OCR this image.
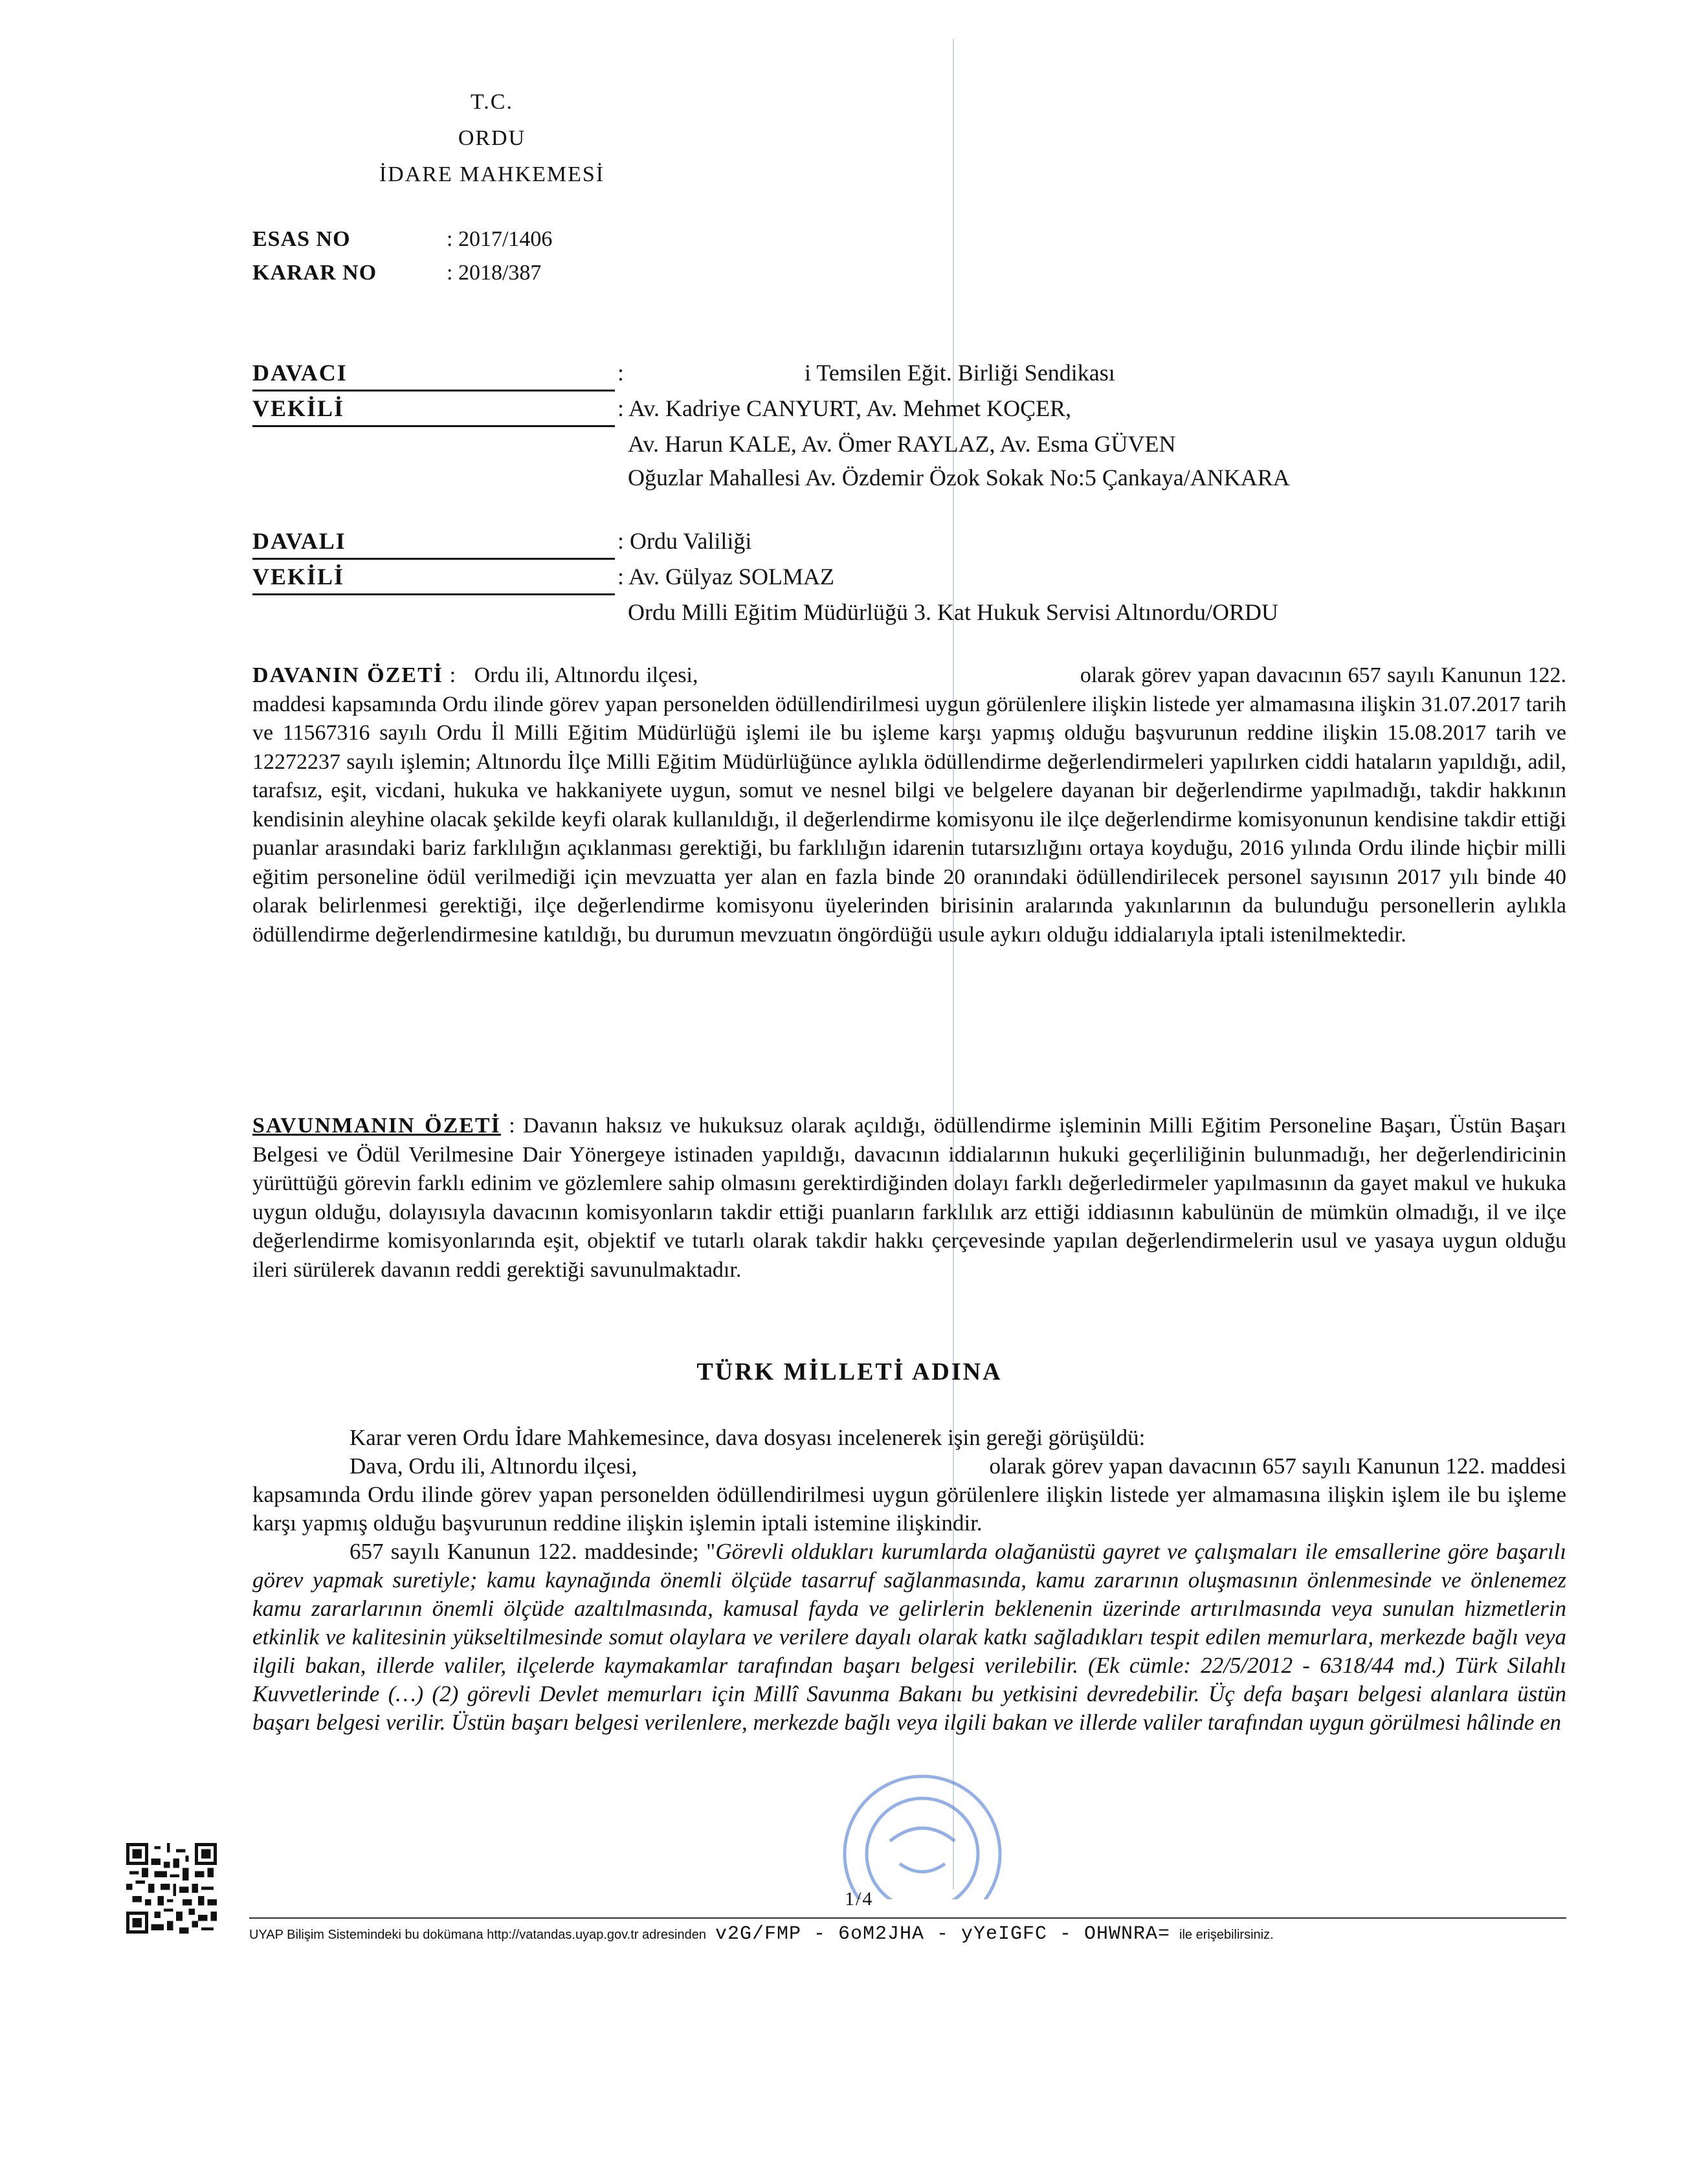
T.C.
ORDU
İDARE MAHKEMESİ
ESAS NO	: 2017/1406
KARAR NO	: 2018/387
DAVACI	:                               i Temsilen Eğit. Birliği Sendikası
VEKİLİ	: Av. Kadriye CANYURT, Av. Mehmet KOÇER,
Av. Harun KALE, Av. Ömer RAYLAZ, Av. Esma GÜVEN
Oğuzlar Mahallesi Av. Özdemir Özok Sokak No:5 Çankaya/ANKARA
DAVALI	: Ordu Valiliği
VEKİLİ	: Av. Gülyaz SOLMAZ
Ordu Milli Eğitim Müdürlüğü 3. Kat Hukuk Servisi Altınordu/ORDU
DAVANIN ÖZETİ :   Ordu ili, Altınordu ilçesi,                                                              olarak görev yapan davacının 657 sayılı Kanunun 122. maddesi kapsamında Ordu ilinde görev yapan personelden ödüllendirilmesi uygun görülenlere ilişkin listede yer almamasına ilişkin 31.07.2017 tarih ve 11567316 sayılı Ordu İl Milli Eğitim Müdürlüğü işlemi ile bu işleme karşı yapmış olduğu başvurunun reddine ilişkin 15.08.2017 tarih ve 12272237 sayılı işlemin; Altınordu İlçe Milli Eğitim Müdürlüğünce aylıkla ödüllendirme değerlendirmeleri yapılırken ciddi hataların yapıldığı, adil, tarafsız, eşit, vicdani, hukuka ve hakkaniyete uygun, somut ve nesnel bilgi ve belgelere dayanan bir değerlendirme yapılmadığı, takdir hakkının kendisinin aleyhine olacak şekilde keyfi olarak kullanıldığı, il değerlendirme komisyonu ile ilçe değerlendirme komisyonunun kendisine takdir ettiği puanlar arasındaki bariz farklılığın açıklanması gerektiği, bu farklılığın idarenin tutarsızlığını ortaya koyduğu, 2016 yılında Ordu ilinde hiçbir milli eğitim personeline ödül verilmediği için mevzuatta yer alan en fazla binde 20 oranındaki ödüllendirilecek personel sayısının 2017 yılı binde 40 olarak belirlenmesi gerektiği, ilçe değerlendirme komisyonu üyelerinden birisinin aralarında yakınlarının da bulunduğu personellerin aylıkla ödüllendirme değerlendirmesine katıldığı, bu durumun mevzuatın öngördüğü usule aykırı olduğu iddialarıyla iptali istenilmektedir.
SAVUNMANIN ÖZETİ : Davanın haksız ve hukuksuz olarak açıldığı, ödüllendirme işleminin Milli Eğitim Personeline Başarı, Üstün Başarı Belgesi ve Ödül Verilmesine Dair Yönergeye istinaden yapıldığı, davacının iddialarının hukuki geçerliliğinin bulunmadığı, her değerlendiricinin yürüttüğü görevin farklı edinim ve gözlemlere sahip olmasını gerektirdiğinden dolayı farklı değerledirmeler yapılmasının da gayet makul ve hukuka uygun olduğu, dolayısıyla davacının komisyonların takdir ettiği puanların farklılık arz ettiği iddiasının kabulünün de mümkün olmadığı, il ve ilçe değerlendirme komisyonlarında eşit, objektif ve tutarlı olarak takdir hakkı çerçevesinde yapılan değerlendirmelerin usul ve yasaya uygun olduğu ileri sürülerek davanın reddi gerektiği savunulmaktadır.
TÜRK MİLLETİ ADINA

Karar veren Ordu İdare Mahkemesince, dava dosyası incelenerek işin gereği görüşüldü:

Dava, Ordu ili, Altınordu ilçesi,                                                              olarak görev yapan davacının 657 sayılı Kanunun 122. maddesi kapsamında Ordu ilinde görev yapan personelden ödüllendirilmesi uygun görülenlere ilişkin listede yer almamasına ilişkin işlem ile bu işleme karşı yapmış olduğu başvurunun reddine ilişkin işlemin iptali istemine ilişkindir.

657 sayılı Kanunun 122. maddesinde; "Görevli oldukları kurumlarda olağanüstü gayret ve çalışmaları ile emsallerine göre başarılı görev yapmak suretiyle; kamu kaynağında önemli ölçüde tasarruf sağlanmasında, kamu zararının oluşmasının önlenmesinde ve önlenemez kamu zararlarının önemli ölçüde azaltılmasında, kamusal fayda ve gelirlerin beklenenin üzerinde artırılmasında veya sunulan hizmetlerin etkinlik ve kalitesinin yükseltilmesinde somut olaylara ve verilere dayalı olarak katkı sağladıkları tespit edilen memurlara, merkezde bağlı veya ilgili bakan, illerde valiler, ilçelerde kaymakamlar tarafından başarı belgesi verilebilir. (Ek cümle: 22/5/2012 - 6318/44 md.) Türk Silahlı Kuvvetlerinde (…) (2) görevli Devlet memurları için Millî Savunma Bakanı bu yetkisini devredebilir. Üç defa başarı belgesi alanlara üstün başarı belgesi verilir. Üstün başarı belgesi verilenlere, merkezde bağlı veya ilgili bakan ve illerde valiler tarafından uygun görülmesi hâlinde en

1/4
UYAP Bilişim Sistemindeki bu dokümana http://vatandas.uyap.gov.tr adresinden v2G/FMP - 6oM2JHA - yYeIGFC - OHWNRA= ile erişebilirsiniz.
